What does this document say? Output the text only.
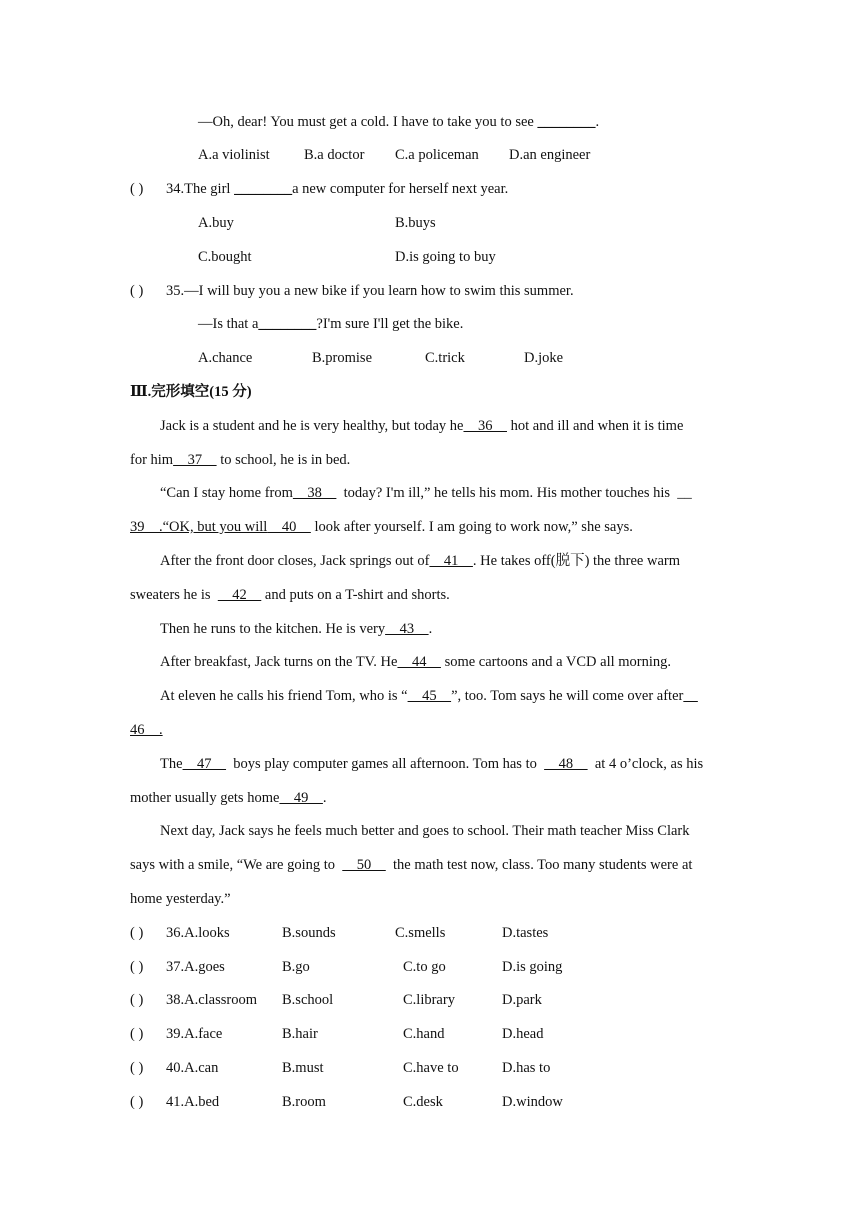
—Oh, dear! You must get a cold. I have to take you to see ________.
A.a violinist B.a doctor C.a policeman D.an engineer
( ) 34.The girl ________a new computer for herself next year.
A.buy	B.buys
C.bought	D.is going to buy
( ) 35.—I will buy you a new bike if you learn how to swim this summer.
—Is that a________?I'm sure I'll get the bike.
A.chance	B.promise	C.trick	D.joke
Ⅲ.完形填空(15 分)
Jack is a student and he is very healthy, but today he    36     hot and ill and when it is time
for him    37     to school, he is in bed.
“Can I stay home from    38      today? I'm ill,” he tells his mom. His mother touches his  __
39    .“OK, but you will    40     look after yourself. I am going to work now,” she says.
After the front door closes, Jack springs out of    41    . He takes off(脱下) the three warm
sweaters he is      42     and puts on a T-shirt and shorts.
Then he runs to the kitchen. He is very    43    .
After breakfast, Jack turns on the TV. He    44     some cartoons and a VCD all morning.
At eleven he calls his friend Tom, who is “    45    ”, too. Tom says he will come over after
46    .
The    47      boys play computer games all afternoon. Tom has to      48      at 4 o’clock, as his
mother usually gets home    49    .
Next day, Jack says he feels much better and goes to school. Their math teacher Miss Clark
says with a smile, “We are going to      50      the math test now, class. Too many students were at
home yesterday.”
( ) 36.A.looks	B.sounds	C.smells	D.tastes
( ) 37.A.goes	B.go	C.to go	D.is going
( ) 38.A.classroom B.school	C.library	D.park
( ) 39.A.face	B.hair	C.hand	D.head
( ) 40.A.can	B.must	C.have to	D.has to
( ) 41.A.bed	B.room	C.desk	D.window
